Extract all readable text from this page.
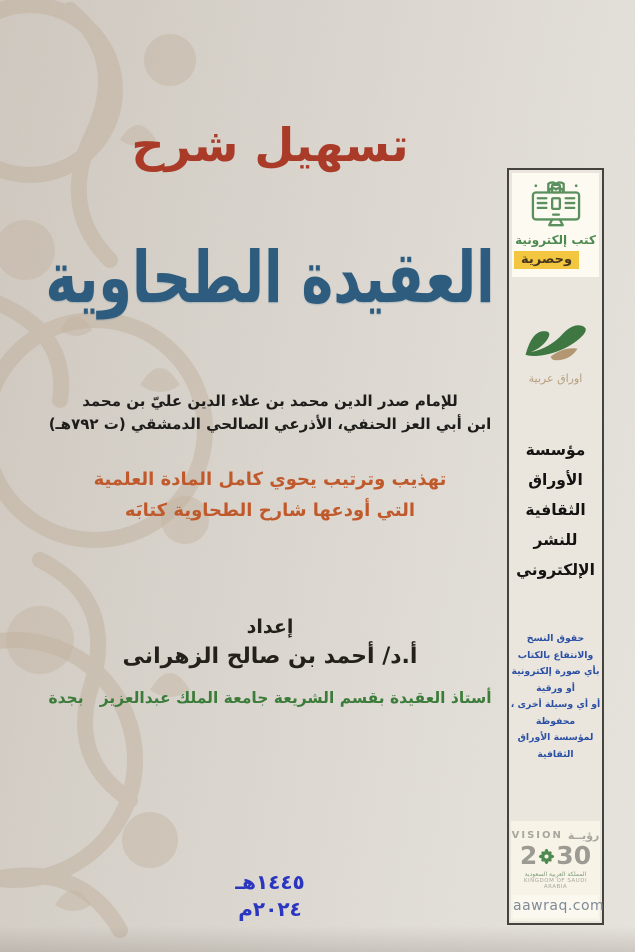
تسهيل شرح
العقيدة الطحاوية
للإمام صدر الدين محمد بن علاء الدين عليّ بن محمد
ابن أبي العز الحنفي، الأذرعي الصالحي الدمشقي (ت ٧٩٢هـ)
تهذيب وترتيب يحوي كامل المادة العلمية
التي أودعها شارح الطحاوية كتابَه
إعداد
أ.د/ أحمد بن صالح الزهرانى
أستاذ العقيدة بقسم الشريعة جامعة الملك عبدالعزيز   بجدة
١٤٤٥هـ
٢٠٢٤م
كتب إلكترونية
وحصرية
اوراق عربية
مؤسسة
الأوراق
الثقافية
للنشر
الإلكتروني
حقوق النسخ والانتفاع بالكتاب
بأي صورة إلكترونية أو ورقية
أو أي وسيلة أخرى ، محفوظة
لمؤسسة الأوراق الثقافية
VISION رؤيــة
2 30
المملكة العربية السعودية
KINGDOM OF SAUDI ARABIA
aawraq.com
